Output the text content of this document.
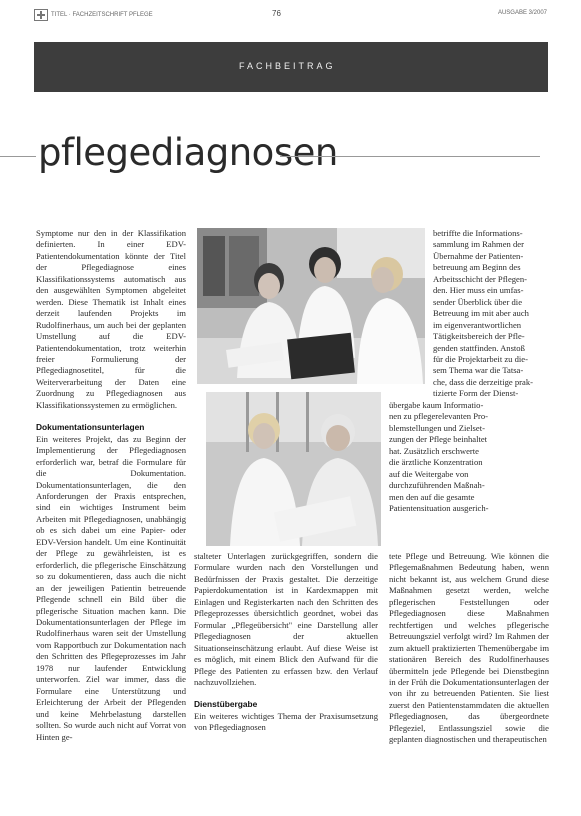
TITEL · FACHZEITSCHRIFT PFLEGE	76	AUSGABE 3/2007
FACHBEITRAG
pflegediagnosen

Symptome nur den in der Klassifikation definierten. In einer EDV-Patientendokumentation könnte der Titel der Pflegediagnose eines Klassifikationssystems automatisch aus den ausgewählten Symptomen abgeleitet werden. Diese Thematik ist Inhalt eines derzeit laufenden Projekts im Rudolfinerhaus, um auch bei der geplanten Umstellung auf die EDV-Patientendokumentation, trotz weiterhin freier Formulierung der Pflegediagnosetitel, für die Weiterverarbeitung der Daten eine Zuordnung zu Pflegediagnosen aus Klassifikationssystemen zu ermöglichen.

Dokumentationsunterlagen

Ein weiteres Projekt, das zu Beginn der Implementierung der Pflegediagnosen erforderlich war, betraf die Formulare für die Dokumentation. Dokumentationsunterlagen, die den Anforderungen der Praxis entsprechen, sind ein wichtiges Instrument beim Arbeiten mit Pflegediagnosen, unabhängig ob es sich dabei um eine Papier- oder EDV-Version handelt. Um eine Kontinuität der Pflege zu gewährleisten, ist es erforderlich, die pflegerische Einschätzung so zu dokumentieren, dass auch die nicht an der jeweiligen Patientin betreuende Pflegende schnell ein Bild über die pflegerische Situation machen kann. Die Dokumentationsunterlagen der Pflege im Rudolfinerhaus waren seit der Umstellung vom Rapportbuch zur Dokumentation nach den Schritten des Pflegeprozesses im Jahr 1978 nur laufender Entwicklung unterworfen. Ziel war immer, dass die Formulare eine Unterstützung und Erleichterung der Arbeit der Pflegenden und keine Mehrbelastung darstellen sollten. So wurde auch nicht auf Vorrat von Hinten ge-

betriffte die Informations-
sammlung im Rahmen der
Übernahme der Patienten-
betreuung am Beginn des
Arbeitsschicht der Pflegen-
den. Hier muss ein umfas-
sender Überblick über die
Betreuung im mit aber auch
im eigenverantwortlichen
Tätigkeitsbereich der Pfle-
genden stattfinden. Anstoß
für die Projektarbeit zu die-
sem Thema war die Tatsa-
che, dass die derzeitige prak-
tizierte Form der Dienst-
übergabe kaum Informatio-
nen zu pflegerelevanten Pro-
blemstellungen und Zielset-
zungen der Pflege beinhaltet
hat. Zusätzlich erschwerte
die ärztliche Konzentration
auf die Weitergabe von
durchzuführenden Maßnah-
men den auf die gesamte
Patientensituation ausgerich-

stalteter Unterlagen zurückgegriffen, sondern die Formulare wurden nach den Vorstellungen und Bedürfnissen der Praxis gestaltet. Die derzeitige Papierdokumentation ist in Kardexmappen mit Einlagen und Registerkarten nach den Schritten des Pflegeprozesses übersichtlich geordnet, wobei das Formular „Pflegeübersicht" eine Darstellung aller Pflegediagnosen der aktuellen Situationseinschätzung erlaubt. Auf diese Weise ist es möglich, mit einem Blick den Aufwand für die Pflege des Patienten zu erfassen bzw. den Verlauf nachzuvollziehen.

Dienstübergabe

Ein weiteres wichtiges Thema der Praxisumsetzung von Pflegediagnosen

tete Pflege und Betreuung. Wie können die Pflegemaßnahmen Bedeutung haben, wenn nicht bekannt ist, aus welchem Grund diese Maßnahmen gesetzt werden, welche pflegerischen Feststellungen oder Pflegediagnosen diese Maßnahmen rechtfertigen und welches pflegerische Betreuungsziel verfolgt wird? Im Rahmen der zum aktuell praktizierten Themenübergabe im stationären Bereich des Rudolfinerhauses übermitteln jede Pflegende bei Dienstbeginn in der Früh die Dokumentationsunterlagen der von ihr zu betreuenden Patienten. Sie liest zuerst den Patientenstammdaten die aktuellen Pflegediagnosen, das übergeordnete Pflegeziel, Entlassungsziel sowie die geplanten diagnostischen und therapeutischen
